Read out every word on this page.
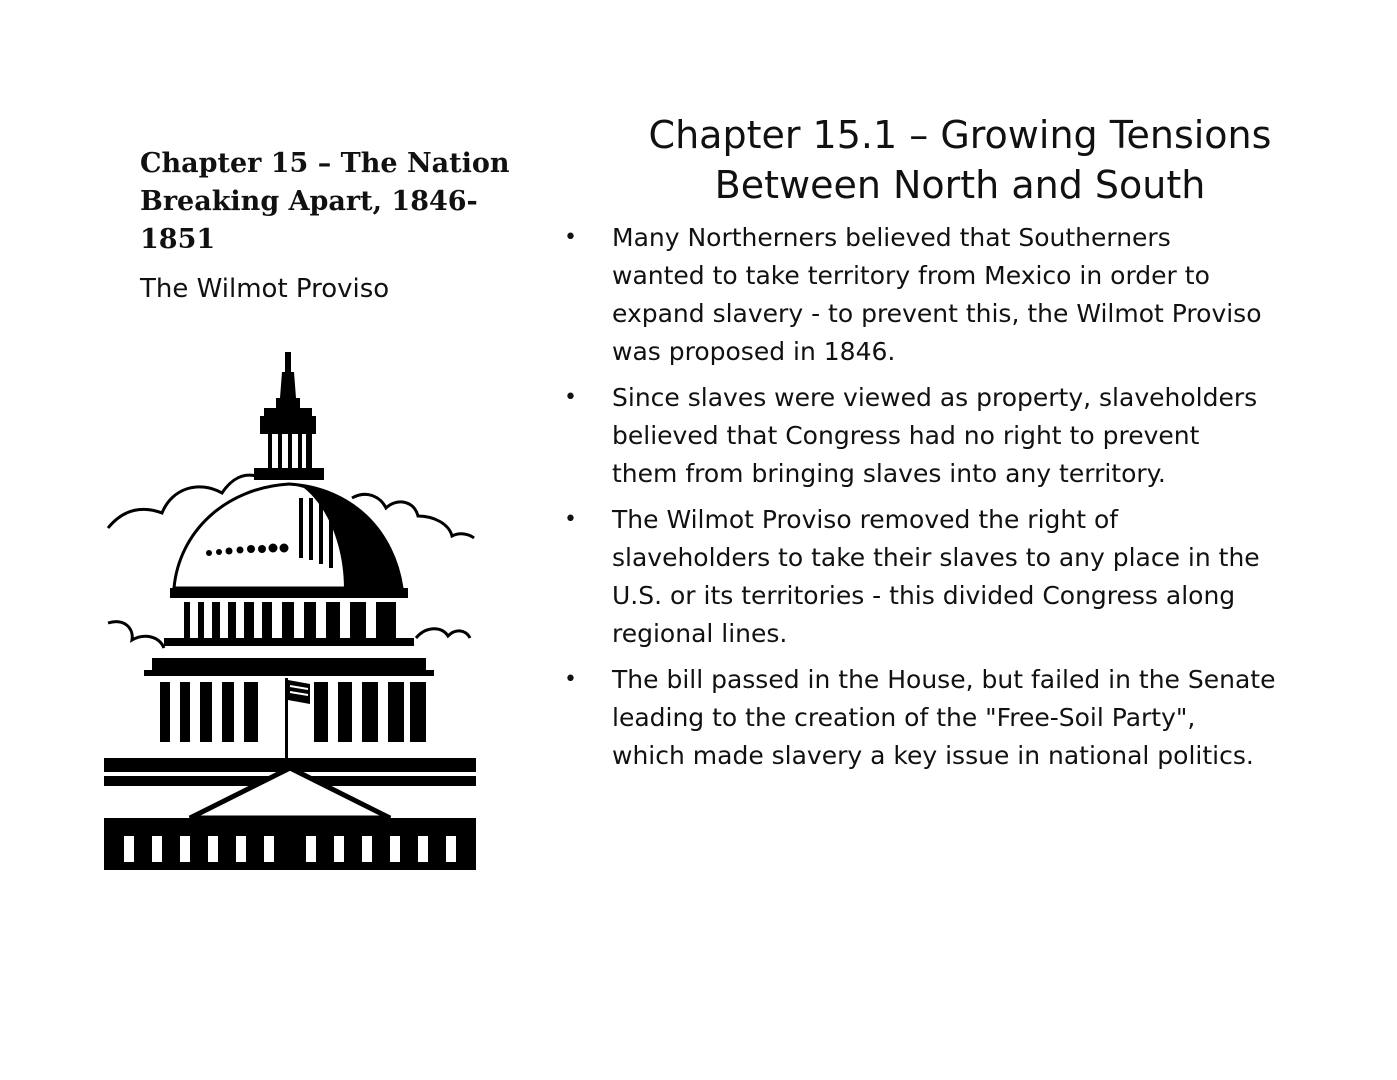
Chapter 15 – The Nation
Breaking Apart, 1846-1851
The Wilmot Proviso
Chapter 15.1 – Growing Tensions
Between North and South
• Many Northerners believed that Southerners
wanted to take territory from Mexico in order to
expand slavery - to prevent this, the Wilmot Proviso
was proposed in 1846.
• Since slaves were viewed as property, slaveholders
believed that Congress had no right to prevent
them from bringing slaves into any territory.
• The Wilmot Proviso removed the right of
slaveholders to take their slaves to any place in the
U.S. or its territories - this divided Congress along
regional lines.
• The bill passed in the House, but failed in the Senate
leading to the creation of the "Free-Soil Party",
which made slavery a key issue in national politics.
